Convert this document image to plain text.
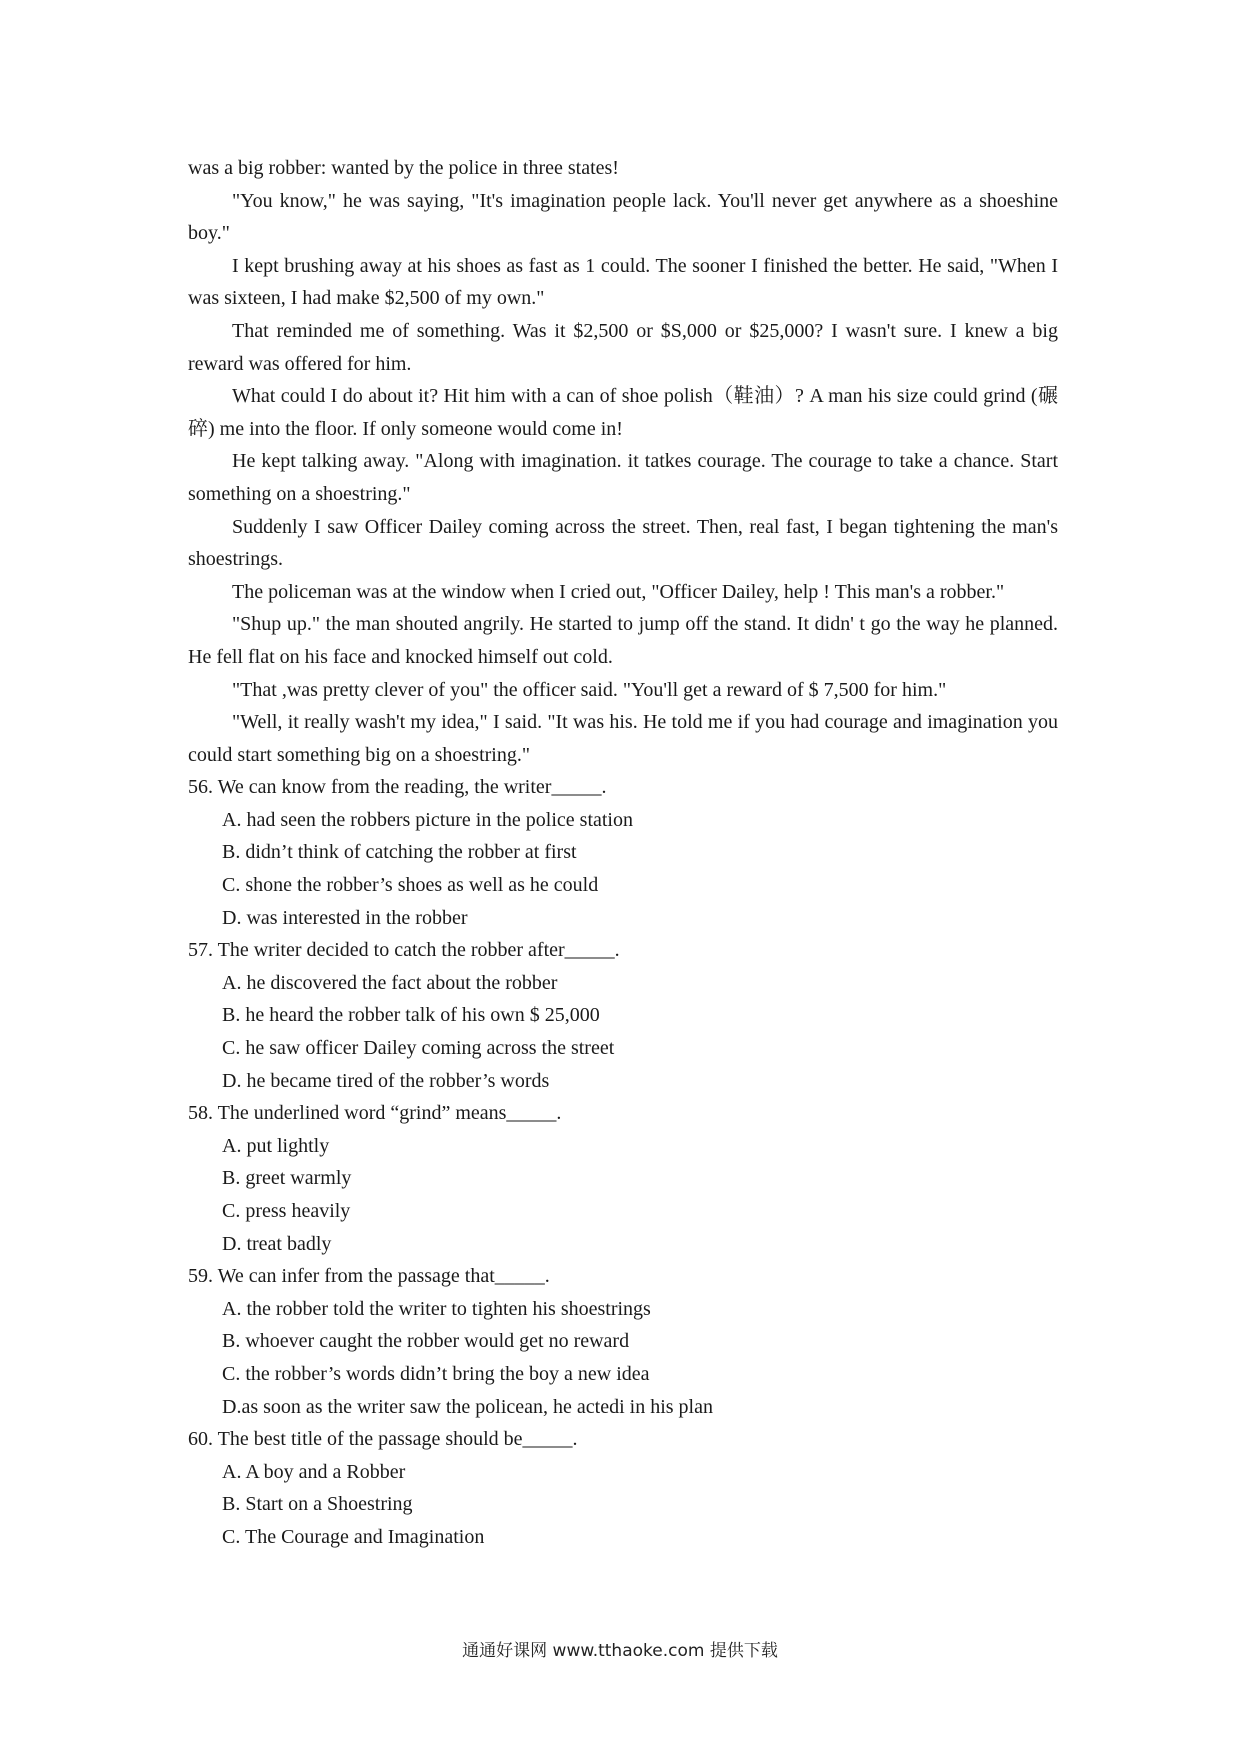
was a big robber: wanted by the police in three states!

"You know," he was saying, "It's imagination people lack. You'll never get anywhere as a shoeshine boy."

I kept brushing away at his shoes as fast as 1 could. The sooner I finished the better. He said, "When I was sixteen, I had make $2,500 of my own."

That reminded me of something. Was it $2,500 or $S,000 or $25,000? I wasn't sure. I knew a big reward was offered for him.

What could I do about it? Hit him with a can of shoe polish（鞋油）? A man his size could grind (碾碎) me into the floor. If only someone would come in!

He kept talking away. "Along with imagination. it tatkes courage. The courage to take a chance. Start something on a shoestring."

Suddenly I saw Officer Dailey coming across the street. Then, real fast, I began tightening the man's shoestrings.

The policeman was at the window when I cried out, "Officer Dailey, help ! This man's a robber."

"Shup up." the man shouted angrily. He started to jump off the stand. It didn' t go the way he planned. He fell flat on his face and knocked himself out cold.

"That ,was pretty clever of you" the officer said. "You'll get a reward of $ 7,500 for him."

"Well, it really wash't my idea," I said. "It was his. He told me if you had courage and imagination you could start something big on a shoestring."

56. We can know from the reading, the writer_____.

A. had seen the robbers picture in the police station

B. didn’t think of catching the robber at first

C. shone the robber’s shoes as well as he could

D. was interested in the robber

57. The writer decided to catch the robber after_____.

A. he discovered the fact about the robber

B. he heard the robber talk of his own $ 25,000

C. he saw officer Dailey coming across the street

D. he became tired of the robber’s words

58. The underlined word “grind” means_____.

A. put lightly

B. greet warmly

C. press heavily

D. treat badly

59. We can infer from the passage that_____.

A. the robber told the writer to tighten his shoestrings

B. whoever caught the robber would get no reward

C. the robber’s words didn’t bring the boy a new idea

D.as soon as the writer saw the policean, he actedi in his plan

60. The best title of the passage should be_____.

A. A boy and a Robber

B. Start on a Shoestring

C. The Courage and Imagination

通通好课网 www.tthaoke.com 提供下载
